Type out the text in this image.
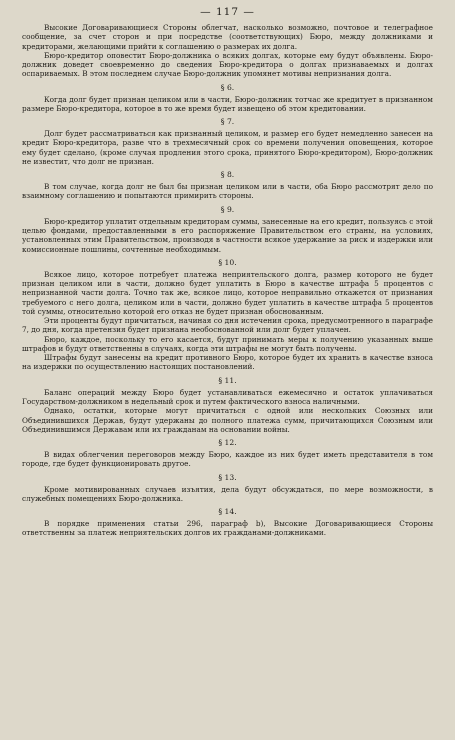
— 117 —

Высокие Договаривающиеся Стороны облегчат, насколько возможно, почтовое и телеграфное сообщение, за счет сторон и при посредстве (соответствующих) Бюро, между должниками и кредиторами, желающими прийти к соглашению о размерах их долга.

Бюро-кредитор оповестит Бюро-должника о всяких долгах, которые ему будут объявлены. Бюро-должник доведет своевременно до сведения Бюро-кредитора о долгах признаваемых и долгах оспариваемых. В этом последнем случае Бюро-должник упомянет мотивы непризнания долга.

§ 6.

Когда долг будет признан целиком или в части, Бюро-должник тотчас же кредитует в признанном размере Бюро-кредитора, которое в то же время будет извещено об этом кредитовании.

§ 7.

Долг будет рассматриваться как признанный целиком, и размер его будет немедленно занесен на кредит Бюро-кредитора, разве что в трехмесячный срок со времени получения оповещения, которое ему будет сделано, (кроме случая продления этого срока, принятого Бюро-кредитором), Бюро-должник не известит, что долг не признан.

§ 8.

В том случае, когда долг не был бы признан целиком или в части, оба Бюро рассмотрят дело по взаимному соглашению и попытаются примирить стороны.

§ 9.

Бюро-кредитор уплатит отдельным кредиторам суммы, занесенные на его кредит, пользуясь с этой целью фондами, предоставленными в его распоряжение Правительством его страны, на условиях, установленных этим Правительством, производя в частности всякое удержание за риск и издержки или комиссионные пошлины, сочтенные необходимым.

§ 10.

Всякое лицо, которое потребует платежа неприятельского долга, размер которого не будет признан целиком или в части, должно будет уплатить в Бюро в качестве штрафа 5 процентов с непризнанной части долга. Точно так же, всякое лицо, которое неправильно откажется от признания требуемого с него долга, целиком или в части, должно будет уплатить в качестве штрафа 5 процентов той суммы, относительно которой его отказ не будет признан обоснованным.

Эти проценты будут причитаться, начиная со дня истечения срока, предусмотренного в параграфе 7, до дня, когда претензия будет признана необоснованной или долг будет уплачен.

Бюро, каждое, поскольку то его касается, будут принимать меры к получению указанных выше штрафов и будут ответственны в случаях, когда эти штрафы не могут быть получены.

Штрафы будут занесены на кредит противного Бюро, которое будет их хранить в качестве взноса на издержки по осуществлению настоящих постановлений.

§ 11.

Баланс операций между Бюро будет устанавливаться ежемесячно и остаток уплачиваться Государством-должником в недельный срок и путем фактического взноса наличными.

Однако, остатки, которые могут причитаться с одной или нескольких Союзных или Объединившихся Держав, будут удержаны до полного платежа сумм, причитающихся Союзным или Объединившимся Державам или их гражданам на основании войны.

§ 12.

В видах облегчения переговоров между Бюро, каждое из них будет иметь представителя в том городе, где будет функционировать другое.

§ 13.

Кроме мотивированных случаев изъятия, дела будут обсуждаться, по мере возможности, в служебных помещениях Бюро-должника.

§ 14.

В порядке применения статьи 296, параграф b), Высокие Договаривающиеся Стороны ответственны за платеж неприятельских долгов их гражданами-должниками.
